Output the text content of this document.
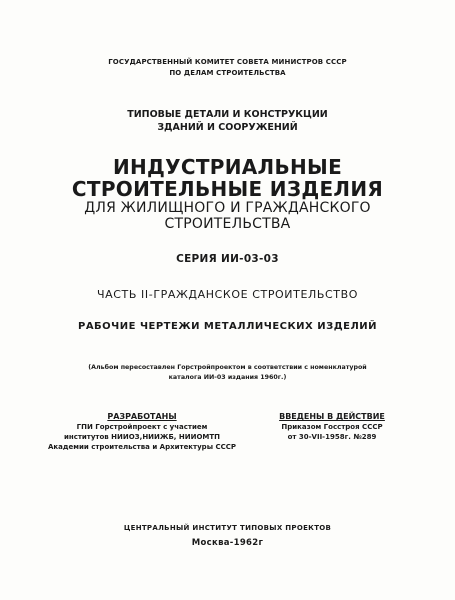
ГОСУДАРСТВЕННЫЙ КОМИТЕТ СОВЕТА МИНИСТРОВ СССР
ПО ДЕЛАМ СТРОИТЕЛЬСТВА
ТИПОВЫЕ ДЕТАЛИ И КОНСТРУКЦИИ
ЗДАНИЙ И СООРУЖЕНИЙ
ИНДУСТРИАЛЬНЫЕ
СТРОИТЕЛЬНЫЕ ИЗДЕЛИЯ
ДЛЯ ЖИЛИЩНОГО И ГРАЖДАНСКОГО
СТРОИТЕЛЬСТВА
СЕРИЯ ИИ-03-03
ЧАСТЬ II-ГРАЖДАНСКОЕ СТРОИТЕЛЬСТВО
РАБОЧИЕ ЧЕРТЕЖИ МЕТАЛЛИЧЕСКИХ ИЗДЕЛИЙ
(Альбом пересоставлен Горстройпроектом в соответствии с номенклатурой
каталога ИИ-03 издания 1960г.)
РАЗРАБОТАНЫ
ГПИ Горстройпроект с участием
институтов НИИОЗ,НИИЖБ, НИИОМТП
Академии строительства и Архитектуры СССР
ВВЕДЕНЫ В ДЕЙСТВИЕ
Приказом Госстроя СССР
от 30-VII-1958г. №289
ЦЕНТРАЛЬНЫЙ ИНСТИТУТ ТИПОВЫХ ПРОЕКТОВ
Москва-1962г
